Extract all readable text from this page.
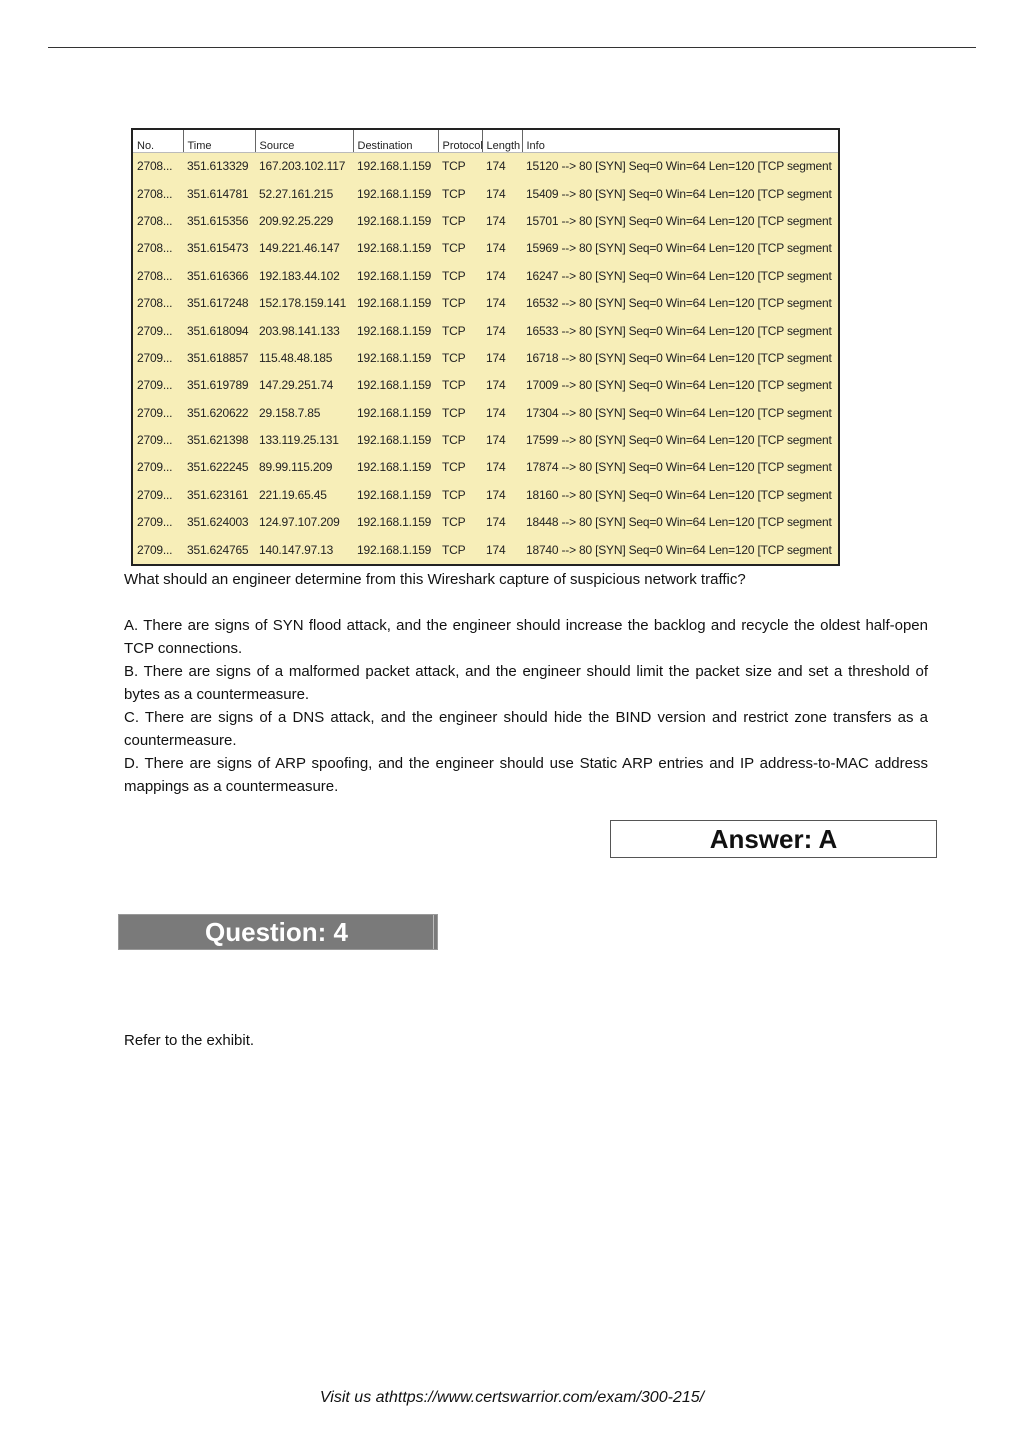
No.	Time	Source	Destination	Protocol	Length	Info
2708...	351.613329	167.203.102.117	192.168.1.159	TCP	174	15120 --> 80 [SYN] Seq=0 Win=64 Len=120 [TCP segment
2708...	351.614781	52.27.161.215	192.168.1.159	TCP	174	15409 --> 80 [SYN] Seq=0 Win=64 Len=120 [TCP segment
2708...	351.615356	209.92.25.229	192.168.1.159	TCP	174	15701 --> 80 [SYN] Seq=0 Win=64 Len=120 [TCP segment
2708...	351.615473	149.221.46.147	192.168.1.159	TCP	174	15969 --> 80 [SYN] Seq=0 Win=64 Len=120 [TCP segment
2708...	351.616366	192.183.44.102	192.168.1.159	TCP	174	16247 --> 80 [SYN] Seq=0 Win=64 Len=120 [TCP segment
2708...	351.617248	152.178.159.141	192.168.1.159	TCP	174	16532 --> 80 [SYN] Seq=0 Win=64 Len=120 [TCP segment
2709...	351.618094	203.98.141.133	192.168.1.159	TCP	174	16533 --> 80 [SYN] Seq=0 Win=64 Len=120 [TCP segment
2709...	351.618857	115.48.48.185	192.168.1.159	TCP	174	16718 --> 80 [SYN] Seq=0 Win=64 Len=120 [TCP segment
2709...	351.619789	147.29.251.74	192.168.1.159	TCP	174	17009 --> 80 [SYN] Seq=0 Win=64 Len=120 [TCP segment
2709...	351.620622	29.158.7.85	192.168.1.159	TCP	174	17304 --> 80 [SYN] Seq=0 Win=64 Len=120 [TCP segment
2709...	351.621398	133.119.25.131	192.168.1.159	TCP	174	17599 --> 80 [SYN] Seq=0 Win=64 Len=120 [TCP segment
2709...	351.622245	89.99.115.209	192.168.1.159	TCP	174	17874 --> 80 [SYN] Seq=0 Win=64 Len=120 [TCP segment
2709...	351.623161	221.19.65.45	192.168.1.159	TCP	174	18160 --> 80 [SYN] Seq=0 Win=64 Len=120 [TCP segment
2709...	351.624003	124.97.107.209	192.168.1.159	TCP	174	18448 --> 80 [SYN] Seq=0 Win=64 Len=120 [TCP segment
2709...	351.624765	140.147.97.13	192.168.1.159	TCP	174	18740 --> 80 [SYN] Seq=0 Win=64 Len=120 [TCP segment
What should an engineer determine from this Wireshark capture of suspicious network traffic?

A. There are signs of SYN flood attack, and the engineer should increase the backlog and recycle the oldest half-open TCP connections.

B. There are signs of a malformed packet attack, and the engineer should limit the packet size and set a threshold of bytes as a countermeasure.

C. There are signs of a DNS attack, and the engineer should hide the BIND version and restrict zone transfers as a countermeasure.

D. There are signs of ARP spoofing, and the engineer should use Static ARP entries and IP address-to-MAC address mappings as a countermeasure.

Answer: A
Question: 4
Refer to the exhibit.
Visit us athttps://www.certswarrior.com/exam/300-215/
